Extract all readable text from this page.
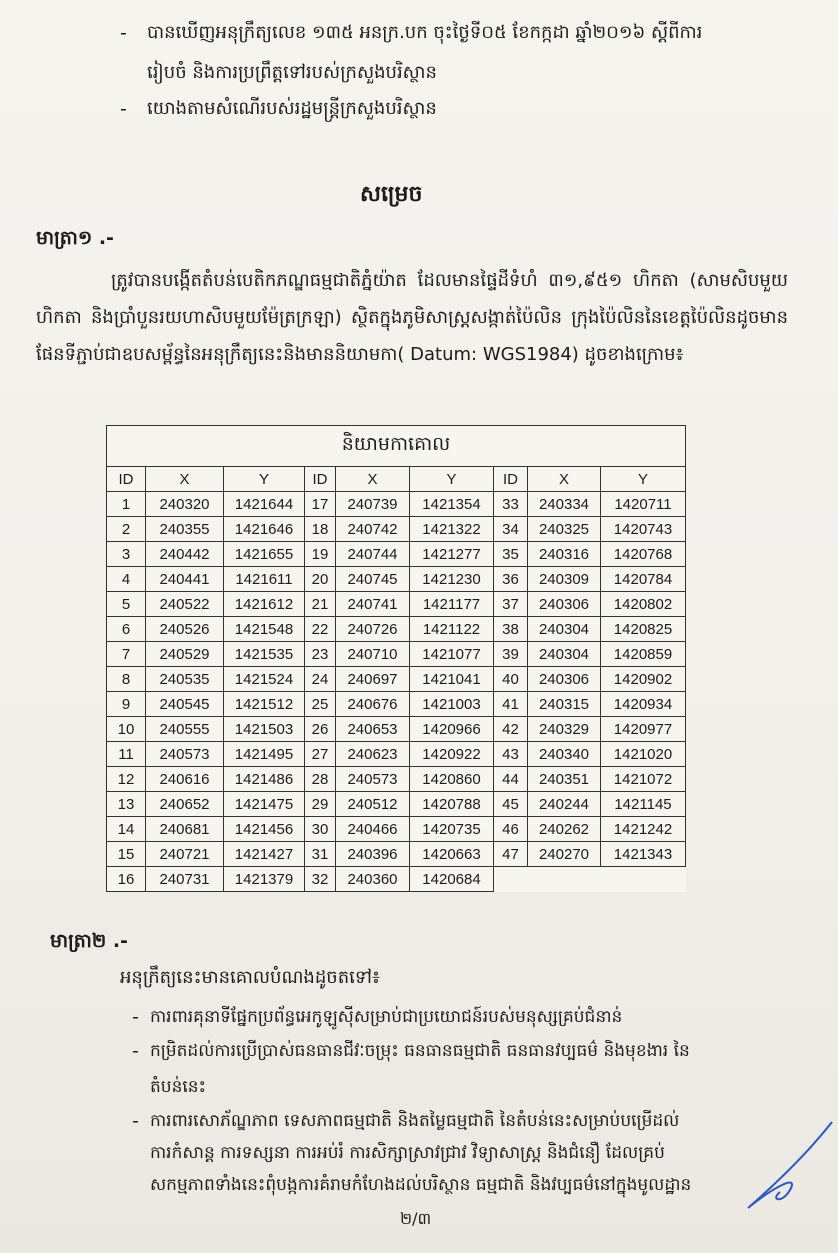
- បានឃើញអនុក្រឹត្យលេខ ១៣៥ អនក្រ.បក ចុះថ្ងៃទី០៥ ខែកក្កដា ឆ្នាំ២០១៦ ស្តីពីការ
រៀបចំ និងការប្រព្រឹត្តទៅរបស់ក្រសួងបរិស្ថាន
- យោងតាមសំណើរបស់រដ្ឋមន្ត្រីក្រសួងបរិស្ថាន
សម្រេច
មាត្រា១ .-
ត្រូវបានបង្កើតតំបន់បេតិកភណ្ឌធម្មជាតិភ្នំយ៉ាត ដែលមានផ្ទៃដីទំហំ ៣១,៩៥១ ហិកតា (សាមសិបមួយហិកតា និងប្រាំបួនរយហាសិបមួយម៉ែត្រក្រឡា) ស្ថិតក្នុងភូមិសាស្ត្រសង្កាត់ប៉ៃលិន ក្រុងប៉ៃលិននៃខេត្តប៉ៃលិនដូចមានផែនទីភ្ជាប់ជាឧបសម្ព័ន្ធនៃអនុក្រឹត្យនេះនិងមាននិយាមកា( Datum: WGS1984) ដូចខាងក្រោម៖
និយាមកាគោល								
ID	X	Y	ID	X	Y	ID	X	Y
1	240320	1421644	17	240739	1421354	33	240334	1420711
2	240355	1421646	18	240742	1421322	34	240325	1420743
3	240442	1421655	19	240744	1421277	35	240316	1420768
4	240441	1421611	20	240745	1421230	36	240309	1420784
5	240522	1421612	21	240741	1421177	37	240306	1420802
6	240526	1421548	22	240726	1421122	38	240304	1420825
7	240529	1421535	23	240710	1421077	39	240304	1420859
8	240535	1421524	24	240697	1421041	40	240306	1420902
9	240545	1421512	25	240676	1421003	41	240315	1420934
10	240555	1421503	26	240653	1420966	42	240329	1420977
11	240573	1421495	27	240623	1420922	43	240340	1421020
12	240616	1421486	28	240573	1420860	44	240351	1421072
13	240652	1421475	29	240512	1420788	45	240244	1421145
14	240681	1421456	30	240466	1420735	46	240262	1421242
15	240721	1421427	31	240396	1420663	47	240270	1421343
16	240731	1421379	32	240360	1420684			
មាត្រា២ .-
អនុក្រឹត្យនេះមានគោលបំណងដូចតទៅ៖
- ការពារគុនាទីផ្នែកប្រព័ន្ធអេកូឡូស៊ីសម្រាប់ជាប្រយោជន៍របស់មនុស្សគ្រប់ជំនាន់
- កម្រិតដល់ការប្រើប្រាស់ធនធានជីវៈចម្រុះ ធនធានធម្មជាតិ ធនធានវប្បធម៌ និងមុខងារ នៃ
តំបន់នេះ
- ការពារសោភ័ណ្ឌភាព ទេសភាពធម្មជាតិ និងតម្លៃធម្មជាតិ នៃតំបន់នេះសម្រាប់បម្រើដល់
ការកំសាន្ត ការទស្សនា ការអប់រំ ការសិក្សាស្រាវជ្រាវ វិទ្យាសាស្ត្រ និងជំនឿ ដែលគ្រប់
សកម្មភាពទាំងនេះពុំបង្កការគំរាមកំហែងដល់បរិស្ថាន ធម្មជាតិ និងវប្បធម៌នៅក្នុងមូលដ្ឋាន
២/៣
